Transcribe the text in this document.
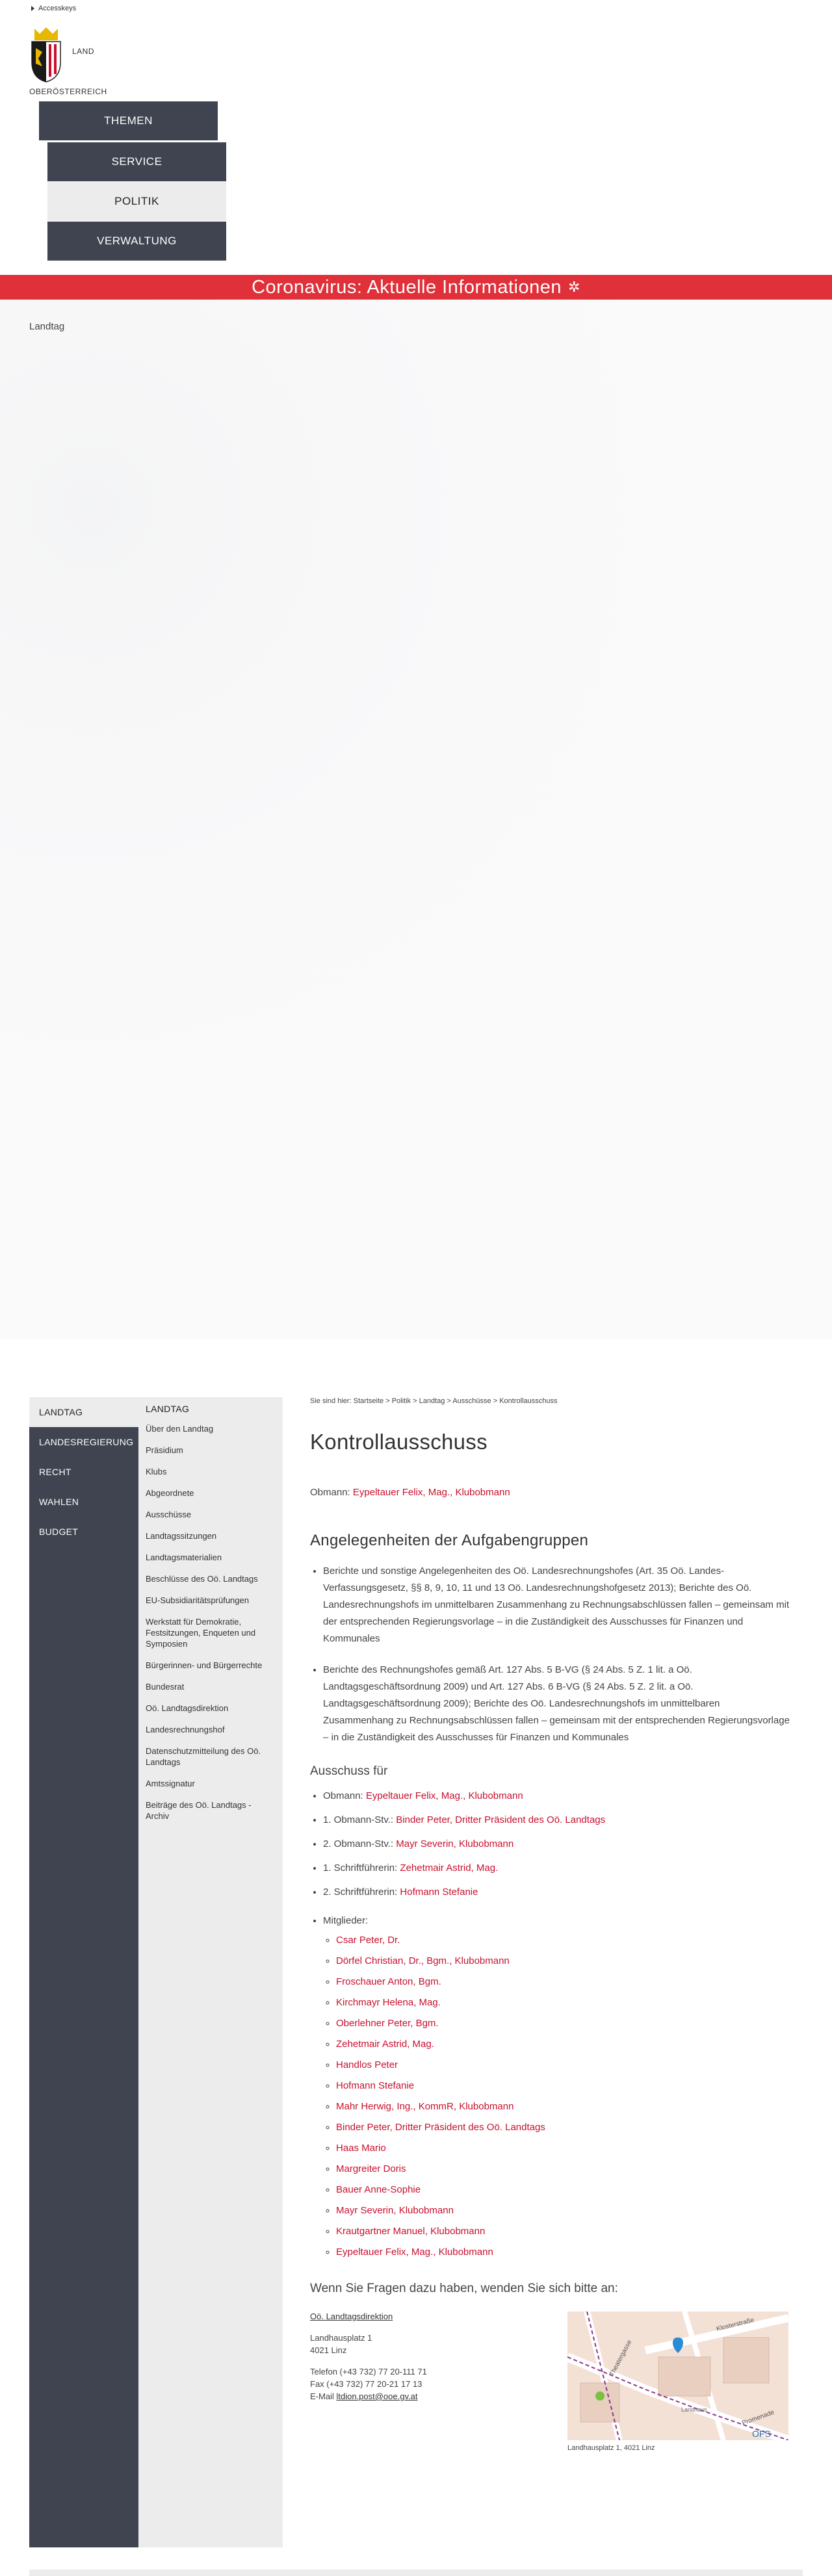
Accesskeys
LAND
OBERÖSTERREICH
THEMEN
SERVICE
POLITIK
VERWALTUNG
Coronavirus: Aktuelle Informationen ✲
Landtag
LANDTAG
LANDESREGIERUNG
RECHT
WAHLEN
BUDGET
LANDTAG
Über den Landtag
Präsidium
Klubs
Abgeordnete
Ausschüsse
Landtagssitzungen
Landtagsmaterialien
Beschlüsse des Oö. Landtags
EU-Subsidiaritätsprüfungen
Werkstatt für Demokratie, Festsitzungen, Enqueten und Symposien
Bürgerinnen- und Bürgerrechte
Bundesrat
Oö. Landtagsdirektion
Landesrechnungshof
Datenschutzmitteilung des Oö. Landtags
Amtssignatur
Beiträge des Oö. Landtags - Archiv
Sie sind hier: Startseite > Politik > Landtag > Ausschüsse > Kontrollausschuss
Kontrollausschuss

Obmann: Eypeltauer Felix, Mag., Klubobmann

Angelegenheiten der Aufgabengruppen
• Berichte und sonstige Angelegenheiten des Oö. Landesrechnungshofes (Art. 35 Oö. Landes-Verfassungsgesetz, §§ 8, 9, 10, 11 und 13 Oö. Landesrechnungshofgesetz 2013); Berichte des Oö. Landesrechnungshofs im unmittelbaren Zusammenhang zu Rechnungsabschlüssen fallen – gemeinsam mit der entsprechenden Regierungsvorlage – in die Zuständigkeit des Ausschusses für Finanzen und Kommunales
• Berichte des Rechnungshofes gemäß Art. 127 Abs. 5 B-VG (§ 24 Abs. 5 Z. 1 lit. a Oö. Landtagsgeschäftsordnung 2009) und Art. 127 Abs. 6 B-VG (§ 24 Abs. 5 Z. 2 lit. a Oö. Landtagsgeschäftsordnung 2009); Berichte des Oö. Landesrechnungshofs im unmittelbaren Zusammenhang zu Rechnungsabschlüssen fallen – gemeinsam mit der entsprechenden Regierungsvorlage – in die Zuständigkeit des Ausschusses für Finanzen und Kommunales
Ausschuss für
• Obmann: Eypeltauer Felix, Mag., Klubobmann
• 1. Obmann-Stv.: Binder Peter, Dritter Präsident des Oö. Landtags
• 2. Obmann-Stv.: Mayr Severin, Klubobmann
• 1. Schriftführerin: Zehetmair Astrid, Mag.
• 2. Schriftführerin: Hofmann Stefanie
• Mitglieder:
◦ Csar Peter, Dr.
◦ Dörfel Christian, Dr., Bgm., Klubobmann
◦ Froschauer Anton, Bgm.
◦ Kirchmayr Helena, Mag.
◦ Oberlehner Peter, Bgm.
◦ Zehetmair Astrid, Mag.
◦ Handlos Peter
◦ Hofmann Stefanie
◦ Mahr Herwig, Ing., KommR, Klubobmann
◦ Binder Peter, Dritter Präsident des Oö. Landtags
◦ Haas Mario
◦ Margreiter Doris
◦ Bauer Anne-Sophie
◦ Mayr Severin, Klubobmann
◦ Krautgartner Manuel, Klubobmann
◦ Eypeltauer Felix, Mag., Klubobmann

Wenn Sie Fragen dazu haben, wenden Sie sich bitte an:

Oö. Landtagsdirektion
Landhausplatz 1
4021 Linz
Telefon (+43 732) 77 20-111 71
Fax (+43 732) 77 20-21 17 13
E-Mail ltdion.post@ooe.gv.at
Landhaus
Klosterstraße
Theatergasse
Promenade
OFS
Landhausplatz 1, 4021 Linz
